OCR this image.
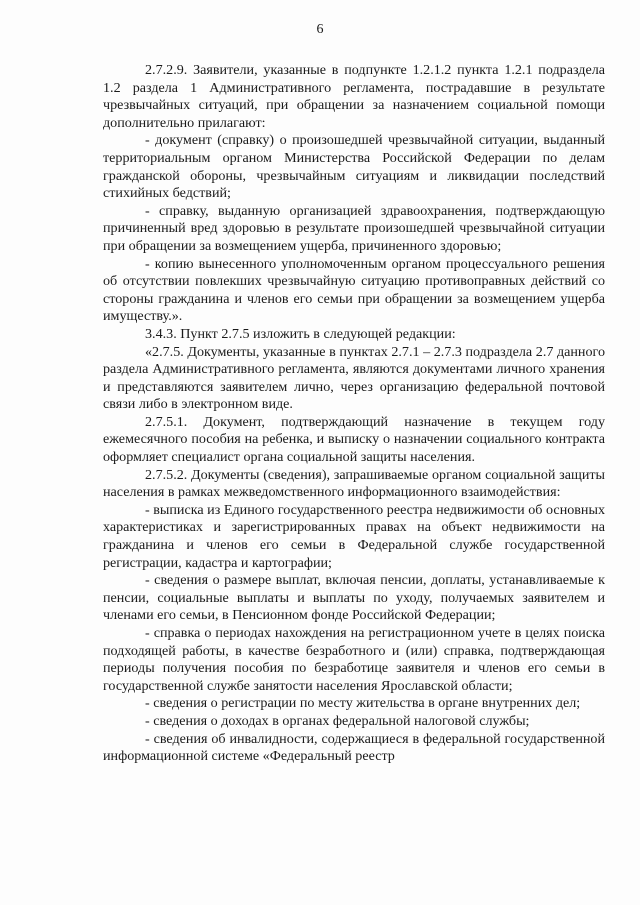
6

2.7.2.9. Заявители, указанные в подпункте 1.2.1.2 пункта 1.2.1 подраздела 1.2 раздела 1 Административного регламента, пострадавшие в результате чрезвычайных ситуаций, при обращении за назначением социальной помощи дополнительно прилагают:

- документ (справку) о произошедшей чрезвычайной ситуации, выданный территориальным органом Министерства Российской Федерации по делам гражданской обороны, чрезвычайным ситуациям и ликвидации последствий стихийных бедствий;

- справку, выданную организацией здравоохранения, подтверждающую причиненный вред здоровью в результате произошедшей чрезвычайной ситуации при обращении за возмещением ущерба, причиненного здоровью;

- копию вынесенного уполномоченным органом процессуального решения об отсутствии повлекших чрезвычайную ситуацию противоправных действий со стороны гражданина и членов его семьи при обращении за возмещением ущерба имуществу.».

3.4.3. Пункт 2.7.5 изложить в следующей редакции:

«2.7.5. Документы, указанные в пунктах 2.7.1 – 2.7.3 подраздела 2.7 данного раздела Административного регламента, являются документами личного хранения и представляются заявителем лично, через организацию федеральной почтовой связи либо в электронном виде.

2.7.5.1. Документ, подтверждающий назначение в текущем году ежемесячного пособия на ребенка, и выписку о назначении социального контракта оформляет специалист органа социальной защиты населения.

2.7.5.2. Документы (сведения), запрашиваемые органом социальной защиты населения в рамках межведомственного информационного взаимодействия:

- выписка из Единого государственного реестра недвижимости об основных характеристиках и зарегистрированных правах на объект недвижимости на гражданина и членов его семьи в Федеральной службе государственной регистрации, кадастра и картографии;

- сведения о размере выплат, включая пенсии, доплаты, устанавливаемые к пенсии, социальные выплаты и выплаты по уходу, получаемых заявителем и членами его семьи, в Пенсионном фонде Российской Федерации;

- справка о периодах нахождения на регистрационном учете в целях поиска подходящей работы, в качестве безработного и (или) справка, подтверждающая периоды получения пособия по безработице заявителя и членов его семьи в государственной службе занятости населения Ярославской области;

- сведения о регистрации по месту жительства в органе внутренних дел;

- сведения о доходах в органах федеральной налоговой службы;

- сведения об инвалидности, содержащиеся в федеральной государственной информационной системе «Федеральный реестр
